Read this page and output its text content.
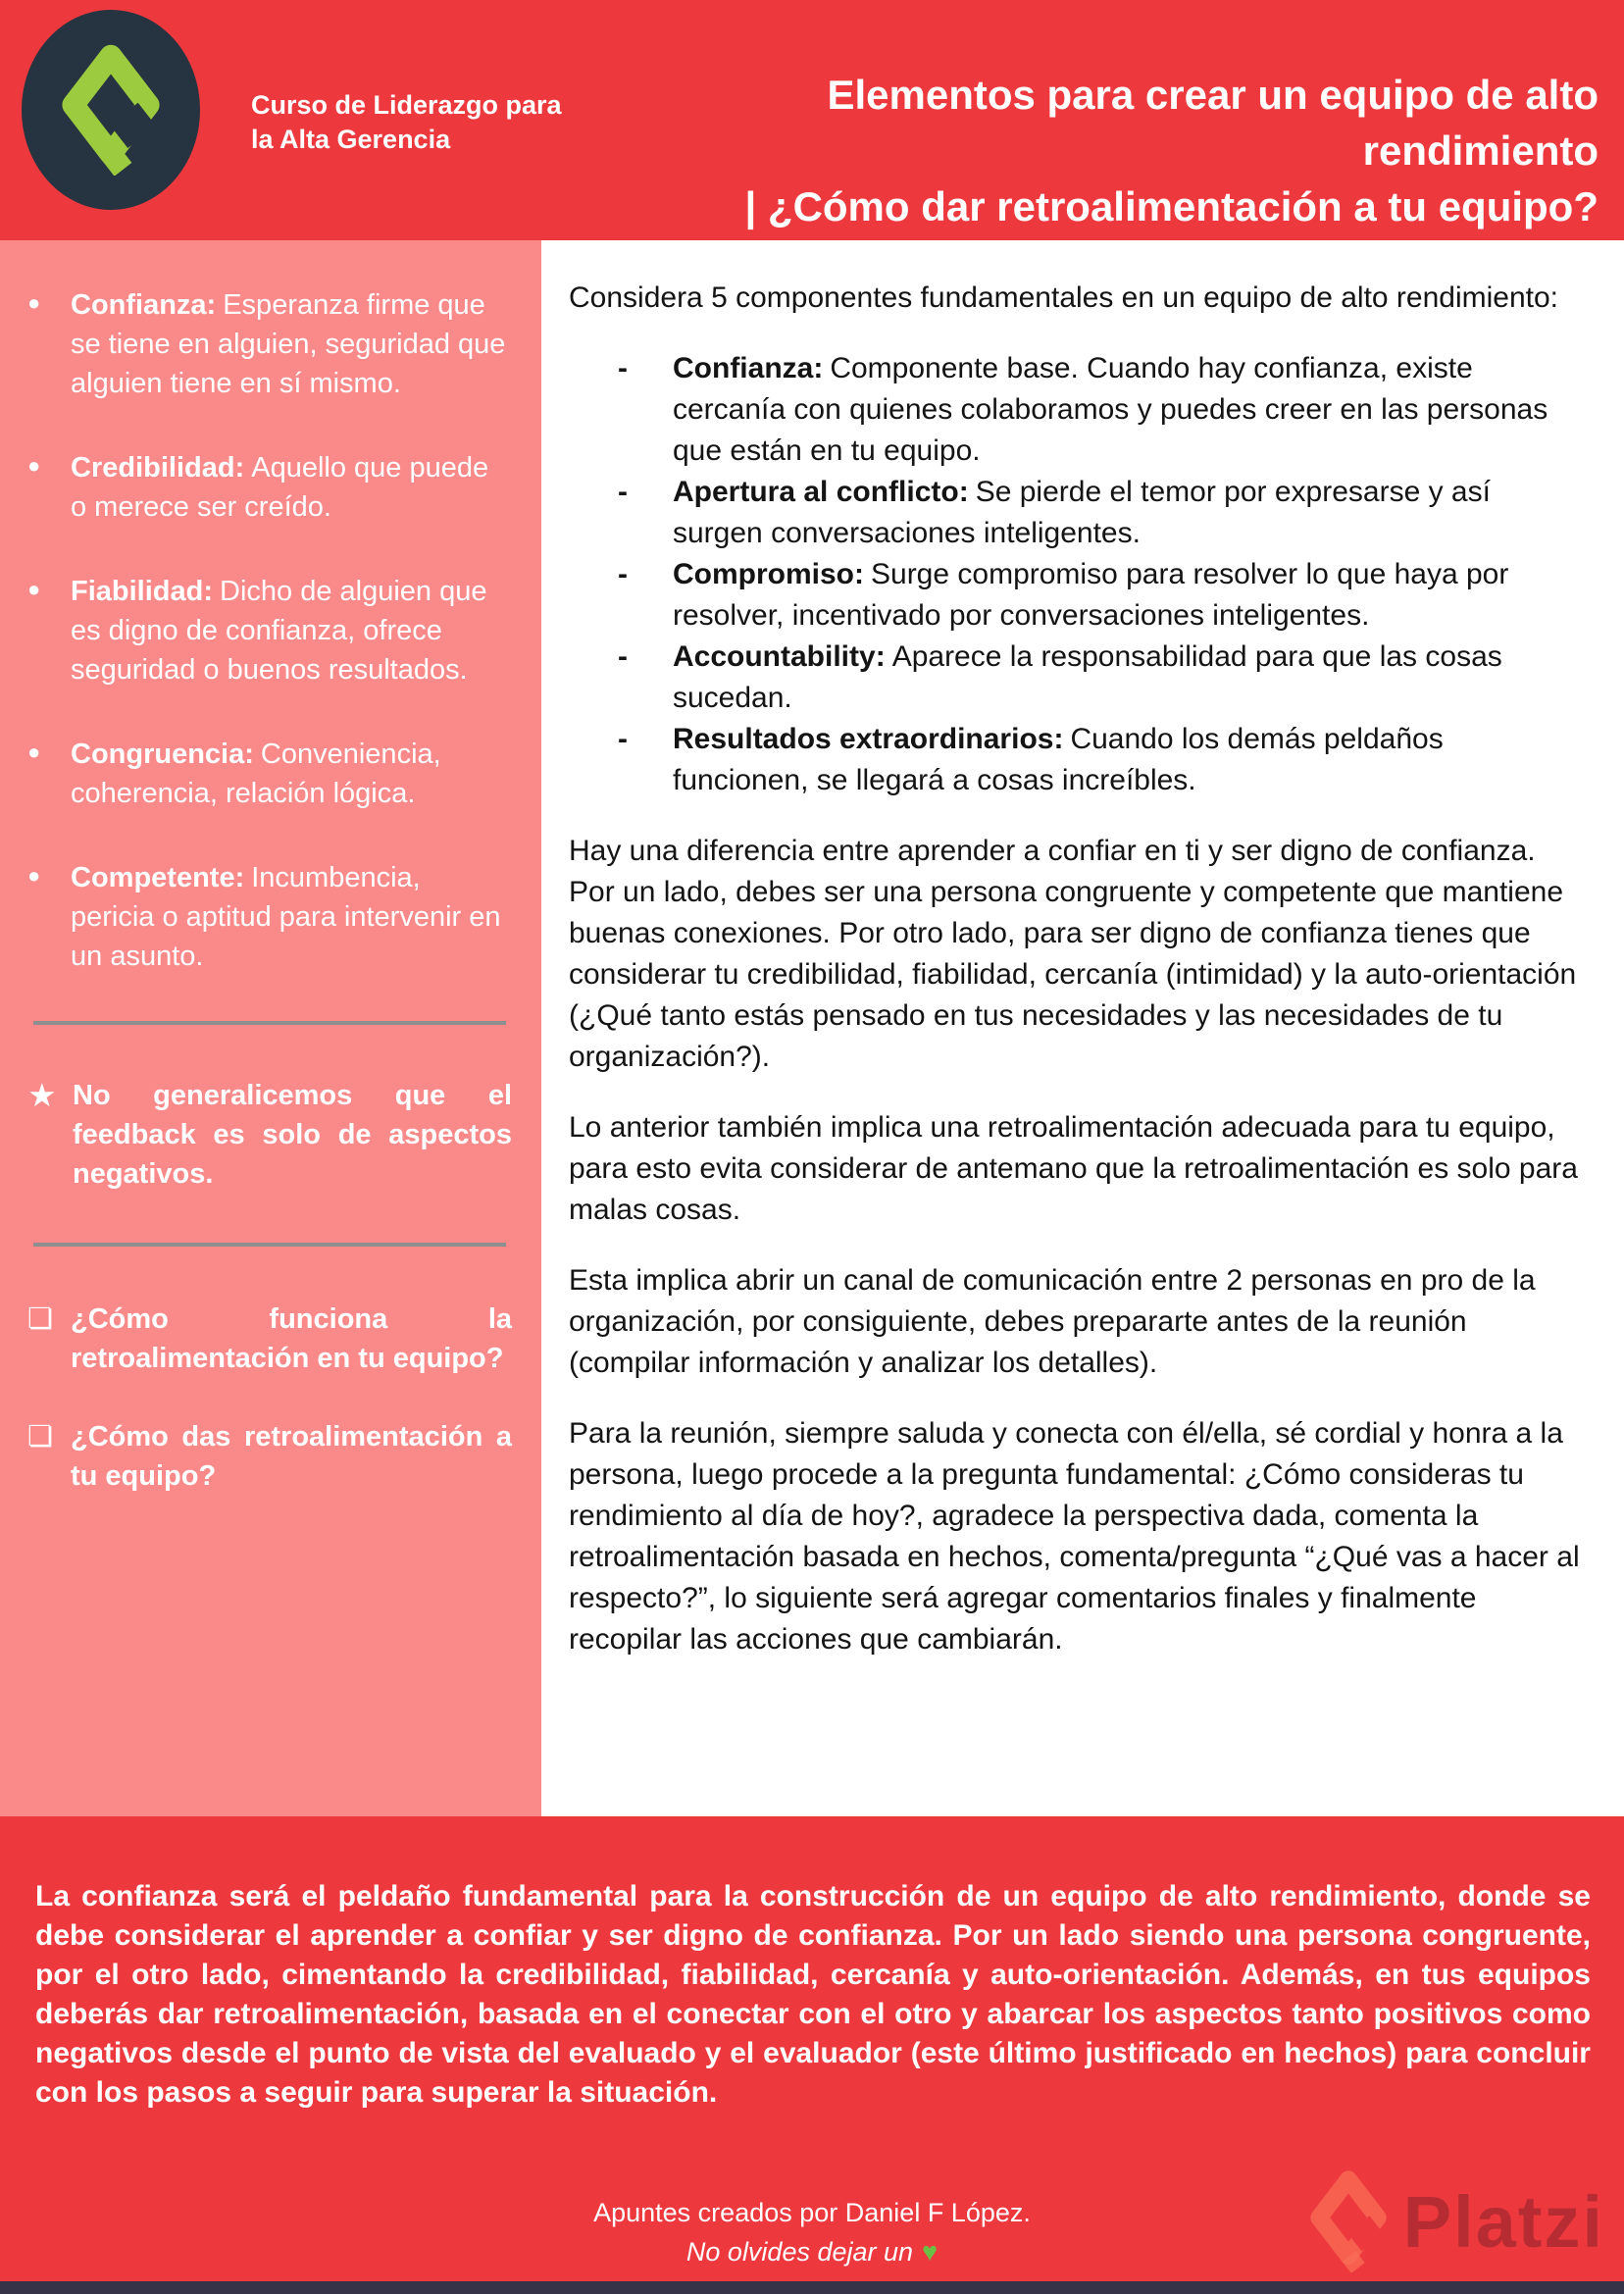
Curso de Liderazgo para la Alta Gerencia
Elementos para crear un equipo de alto rendimiento
| ¿Cómo dar retroalimentación a tu equipo?
●	Confianza: Esperanza firme que se tiene en alguien, seguridad que alguien tiene en sí mismo.

●	Credibilidad: Aquello que puede o merece ser creído.

●	Fiabilidad: Dicho de alguien que es digno de confianza, ofrece seguridad o buenos resultados.

●	Congruencia: Conveniencia, coherencia, relación lógica.

●	Competente: Incumbencia, pericia o aptitud para intervenir en un asunto.

★ No generalicemos que el feedback es solo de aspectos negativos.

❏ ¿Cómo funciona la retroalimentación en tu equipo?

❏ ¿Cómo das retroalimentación a tu equipo?

Considera 5 componentes fundamentales en un equipo de alto rendimiento:

-	Confianza: Componente base. Cuando hay confianza, existe cercanía con quienes colaboramos y puedes creer en las personas que están en tu equipo.

-	Apertura al conflicto: Se pierde el temor por expresarse y así surgen conversaciones inteligentes.

-	Compromiso: Surge compromiso para resolver lo que haya por resolver, incentivado por conversaciones inteligentes.

-	Accountability: Aparece la responsabilidad para que las cosas sucedan.

-	Resultados extraordinarios: Cuando los demás peldaños funcionen, se llegará a cosas increíbles.

Hay una diferencia entre aprender a confiar en ti y ser digno de confianza. Por un lado, debes ser una persona congruente y competente que mantiene buenas conexiones. Por otro lado, para ser digno de confianza tienes que considerar tu credibilidad, fiabilidad, cercanía (intimidad) y la auto-orientación (¿Qué tanto estás pensado en tus necesidades y las necesidades de tu organización?).

Lo anterior también implica una retroalimentación adecuada para tu equipo, para esto evita considerar de antemano que la retroalimentación es solo para malas cosas.

Esta implica abrir un canal de comunicación entre 2 personas en pro de la organización, por consiguiente, debes prepararte antes de la reunión (compilar información y analizar los detalles).

Para la reunión, siempre saluda y conecta con él/ella, sé cordial y honra a la persona, luego procede a la pregunta fundamental: ¿Cómo consideras tu rendimiento al día de hoy?, agradece la perspectiva dada, comenta la retroalimentación basada en hechos, comenta/pregunta “¿Qué vas a hacer al respecto?”, lo siguiente será agregar comentarios finales y finalmente recopilar las acciones que cambiarán.

La confianza será el peldaño fundamental para la construcción de un equipo de alto rendimiento, donde se debe considerar el aprender a confiar y ser digno de confianza. Por un lado siendo una persona congruente, por el otro lado, cimentando la credibilidad, fiabilidad, cercanía y auto-orientación. Además, en tus equipos deberás dar retroalimentación, basada en el conectar con el otro y abarcar los aspectos tanto positivos como negativos desde el punto de vista del evaluado y el evaluador (este último justificado en hechos) para concluir con los pasos a seguir para superar la situación.

Apuntes creados por Daniel F López.

No olvides dejar un ♥	Platzi
